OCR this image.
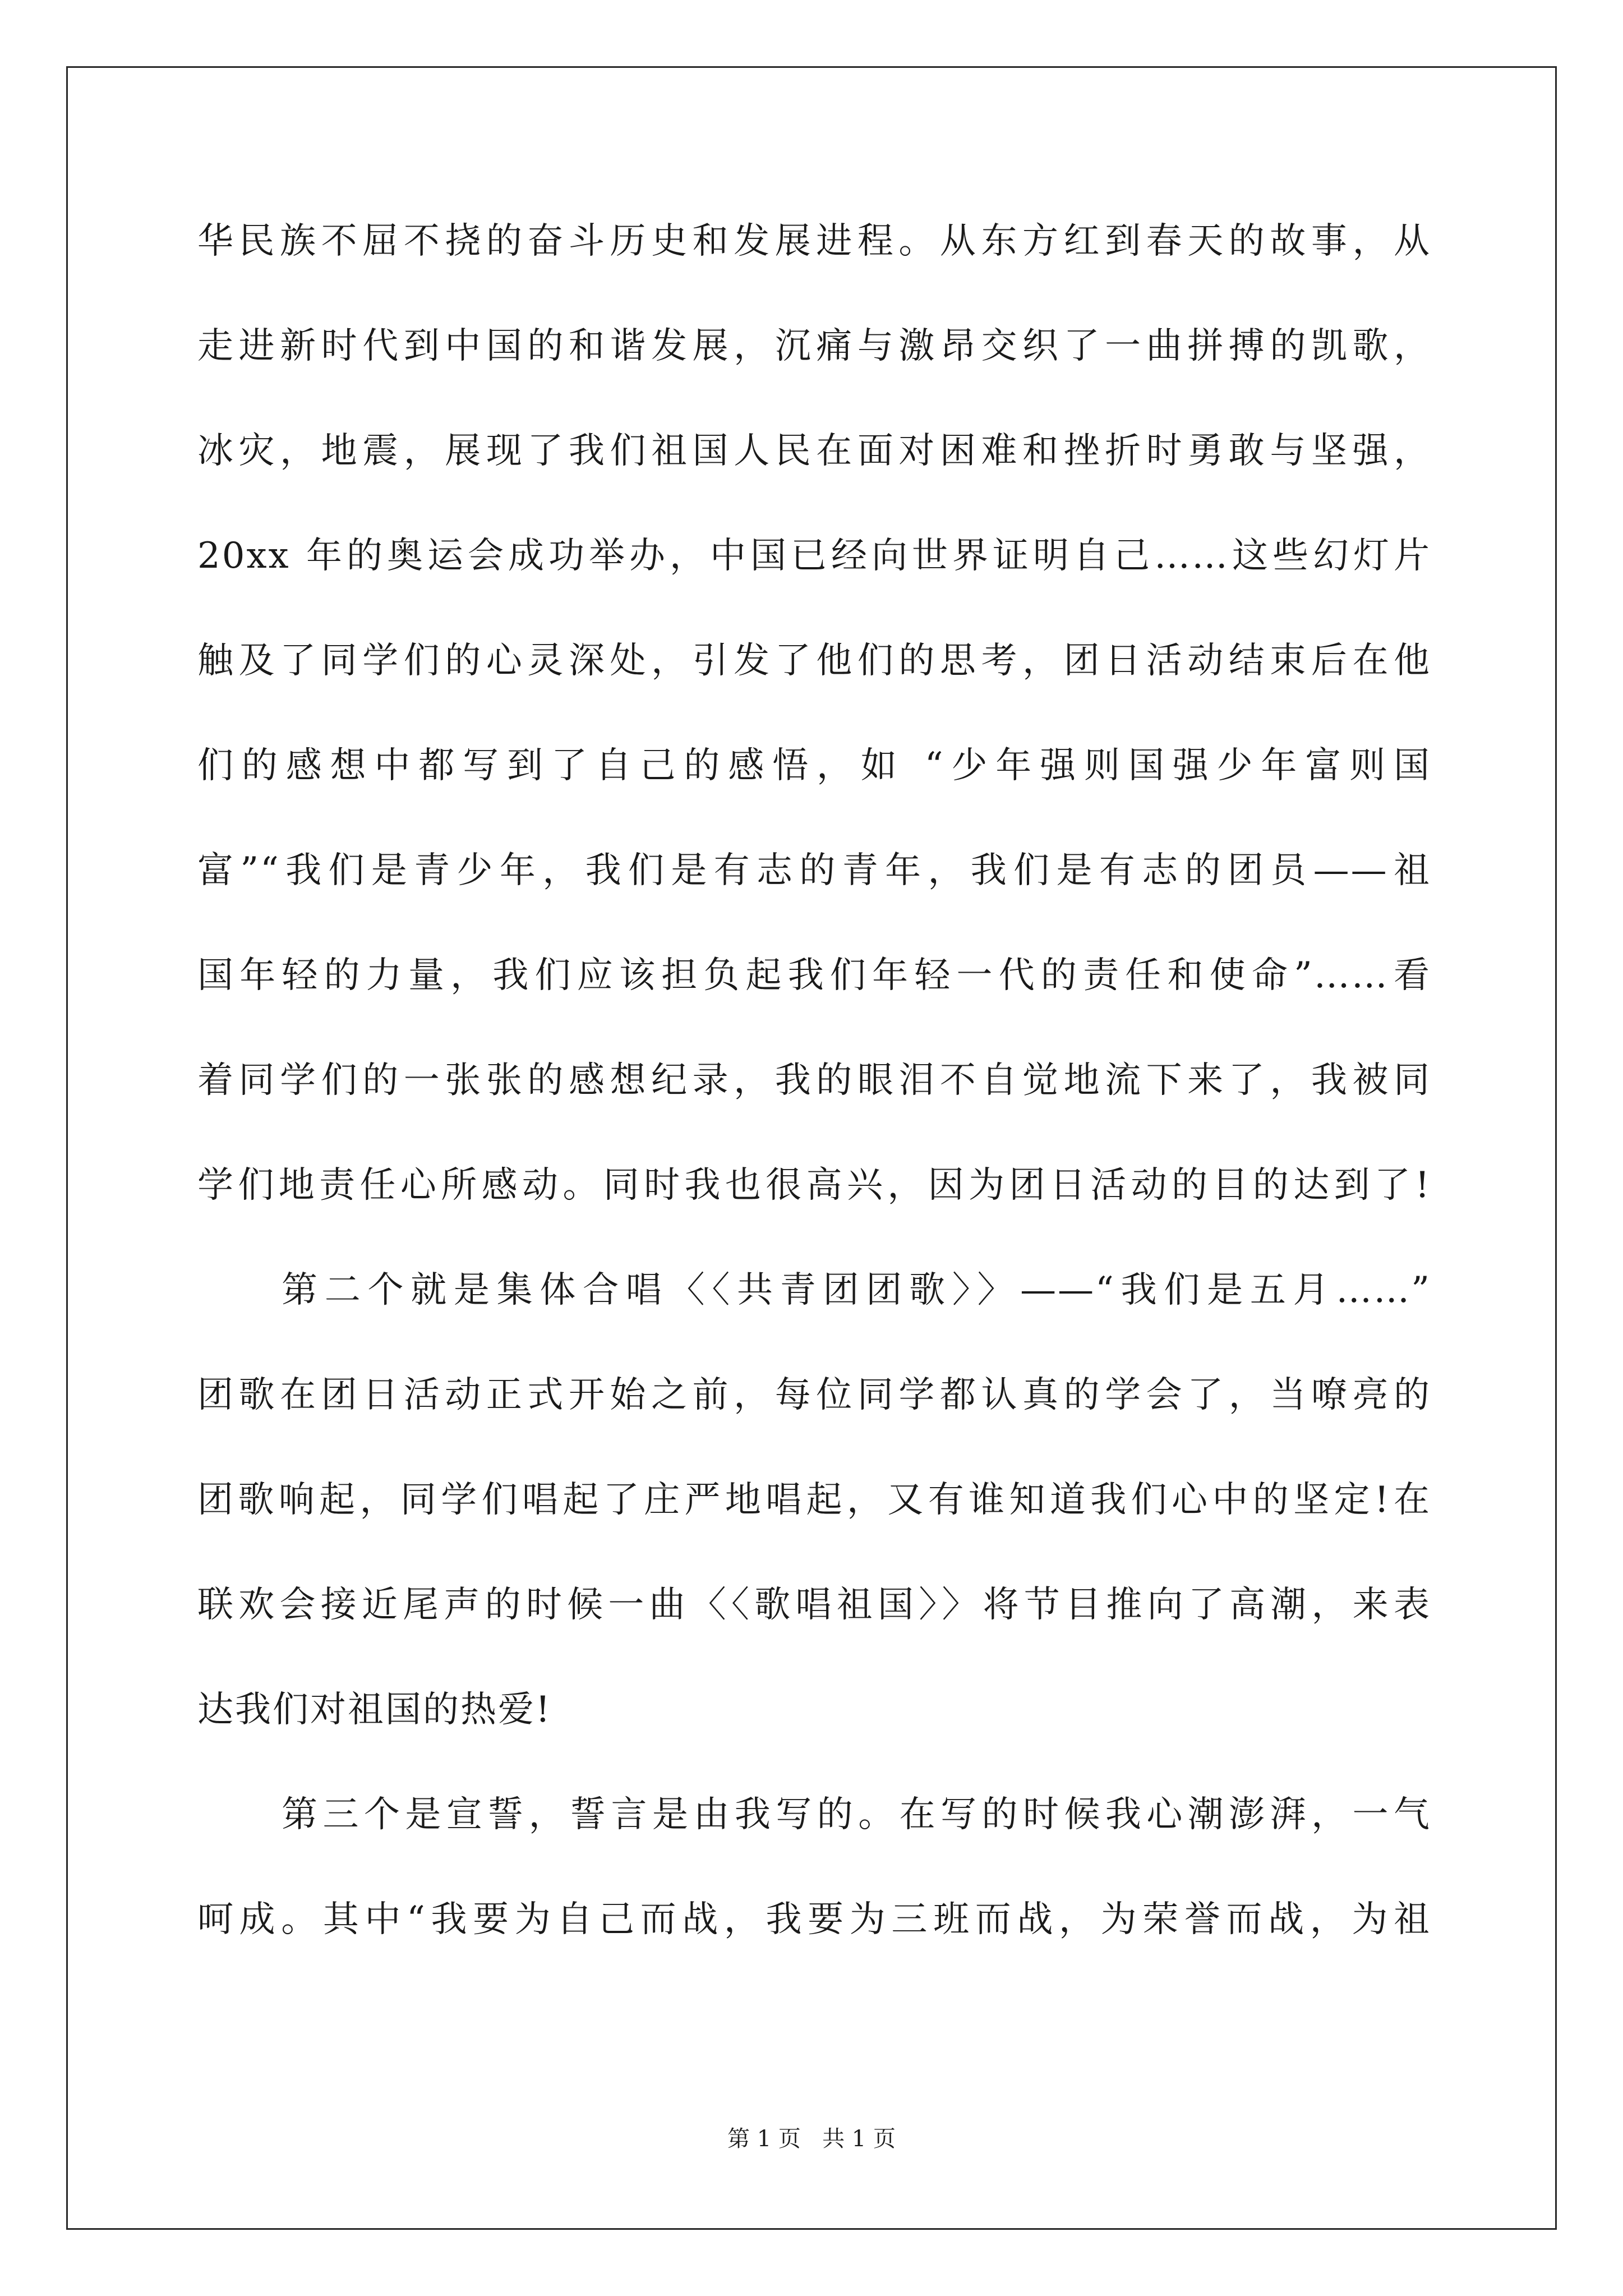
华民族不屈不挠的奋斗历史和发展进程。从东方红到春天的故事，从
走进新时代到中国的和谐发展，沉痛与激昂交织了一曲拼搏的凯歌，
冰灾，地震，展现了我们祖国人民在面对困难和挫折时勇敢与坚强，
20xx 年的奥运会成功举办，中国已经向世界证明自己……这些幻灯片
触及了同学们的心灵深处，引发了他们的思考，团日活动结束后在他
们的感想中都写到了自己的感悟，如 “少年强则国强少年富则国
富”“我们是青少年，我们是有志的青年，我们是有志的团员——祖
国年轻的力量，我们应该担负起我们年轻一代的责任和使命”……看
着同学们的一张张的感想纪录，我的眼泪不自觉地流下来了，我被同
学们地责任心所感动。同时我也很高兴，因为团日活动的目的达到了!
第二个就是集体合唱〈〈共青团团歌〉〉——“我们是五月……”
团歌在团日活动正式开始之前，每位同学都认真的学会了，当嘹亮的
团歌响起，同学们唱起了庄严地唱起，又有谁知道我们心中的坚定!在
联欢会接近尾声的时候一曲〈〈歌唱祖国〉〉将节目推向了高潮，来表
达我们对祖国的热爱!
第三个是宣誓，誓言是由我写的。在写的时候我心潮澎湃，一气
呵成。其中“我要为自己而战，我要为三班而战，为荣誉而战，为祖
第 1 页   共 1 页
